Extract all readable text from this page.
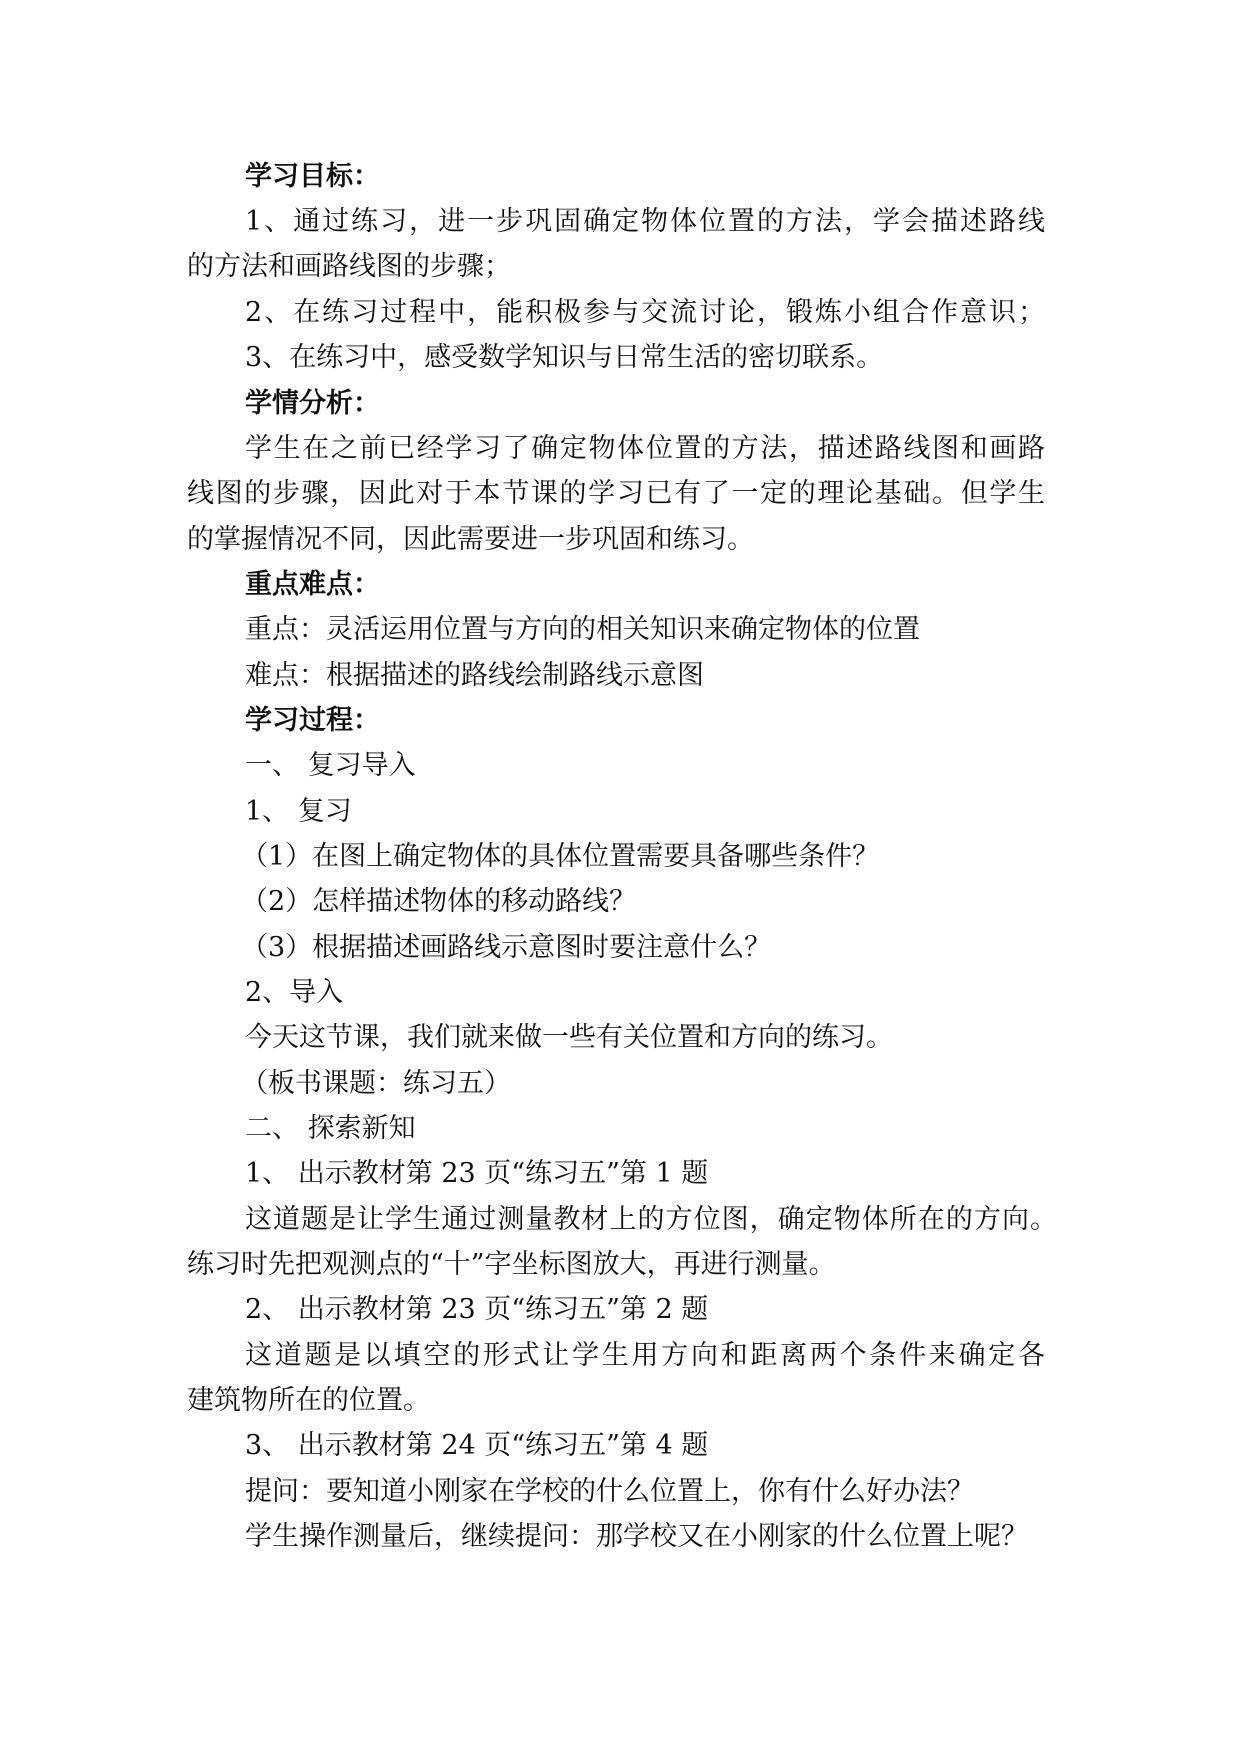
学习目标：
1、通过练习，进一步巩固确定物体位置的方法，学会描述路线
的方法和画路线图的步骤；
2、在练习过程中，能积极参与交流讨论，锻炼小组合作意识；
3、在练习中，感受数学知识与日常生活的密切联系。
学情分析：
学生在之前已经学习了确定物体位置的方法，描述路线图和画路
线图的步骤，因此对于本节课的学习已有了一定的理论基础。但学生
的掌握情况不同，因此需要进一步巩固和练习。
重点难点：
重点：灵活运用位置与方向的相关知识来确定物体的位置
难点：根据描述的路线绘制路线示意图
学习过程：
一、 复习导入
1、 复习
（1）在图上确定物体的具体位置需要具备哪些条件？
（2）怎样描述物体的移动路线？
（3）根据描述画路线示意图时要注意什么？
2、导入
今天这节课，我们就来做一些有关位置和方向的练习。
（板书课题：练习五）
二、 探索新知
1、 出示教材第 23 页“练习五”第 1 题
这道题是让学生通过测量教材上的方位图，确定物体所在的方向。
练习时先把观测点的“十”字坐标图放大，再进行测量。
2、 出示教材第 23 页“练习五”第 2 题
这道题是以填空的形式让学生用方向和距离两个条件来确定各
建筑物所在的位置。
3、 出示教材第 24 页“练习五”第 4 题
提问：要知道小刚家在学校的什么位置上，你有什么好办法？
学生操作测量后，继续提问：那学校又在小刚家的什么位置上呢？
